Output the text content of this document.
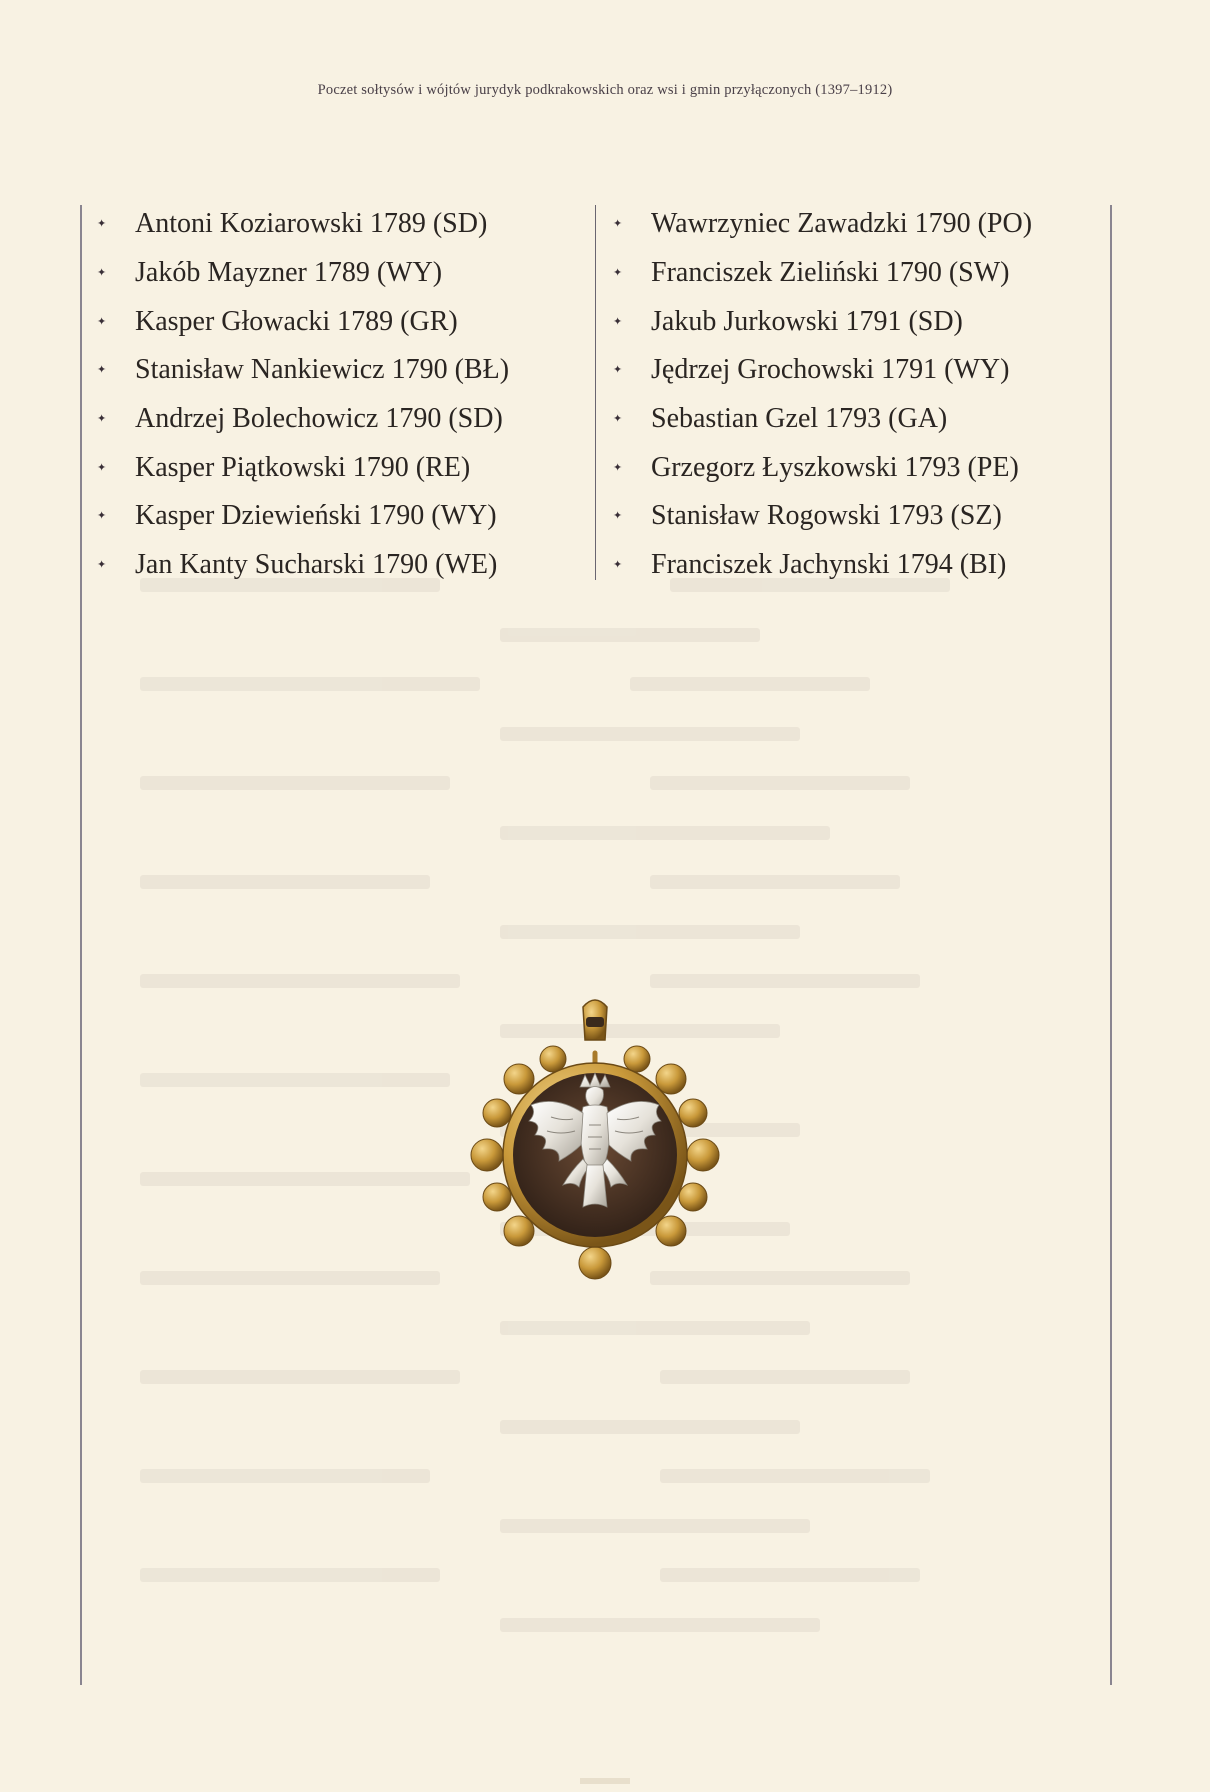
Poczet sołtysów i wójtów jurydyk podkrakowskich oraz wsi i gmin przyłączonych (1397–1912)
✦	Antoni Koziarowski 1789 (SD)
✦	Jakób Mayzner 1789 (WY)
✦	Kasper Głowacki 1789 (GR)
✦	Stanisław Nankiewicz 1790 (BŁ)
✦	Andrzej Bolechowicz 1790 (SD)
✦	Kasper Piątkowski 1790 (RE)
✦	Kasper Dziewieński 1790 (WY)
✦	Jan Kanty Sucharski 1790 (WE)
✦	Wawrzyniec Zawadzki 1790 (PO)
✦	Franciszek Zieliński 1790 (SW)
✦	Jakub Jurkowski 1791 (SD)
✦	Jędrzej Grochowski 1791 (WY)
✦	Sebastian Gzel 1793 (GA)
✦	Grzegorz Łyszkowski 1793 (PE)
✦	Stanisław Rogowski 1793 (SZ)
✦	Franciszek Jachynski 1794 (BI)
